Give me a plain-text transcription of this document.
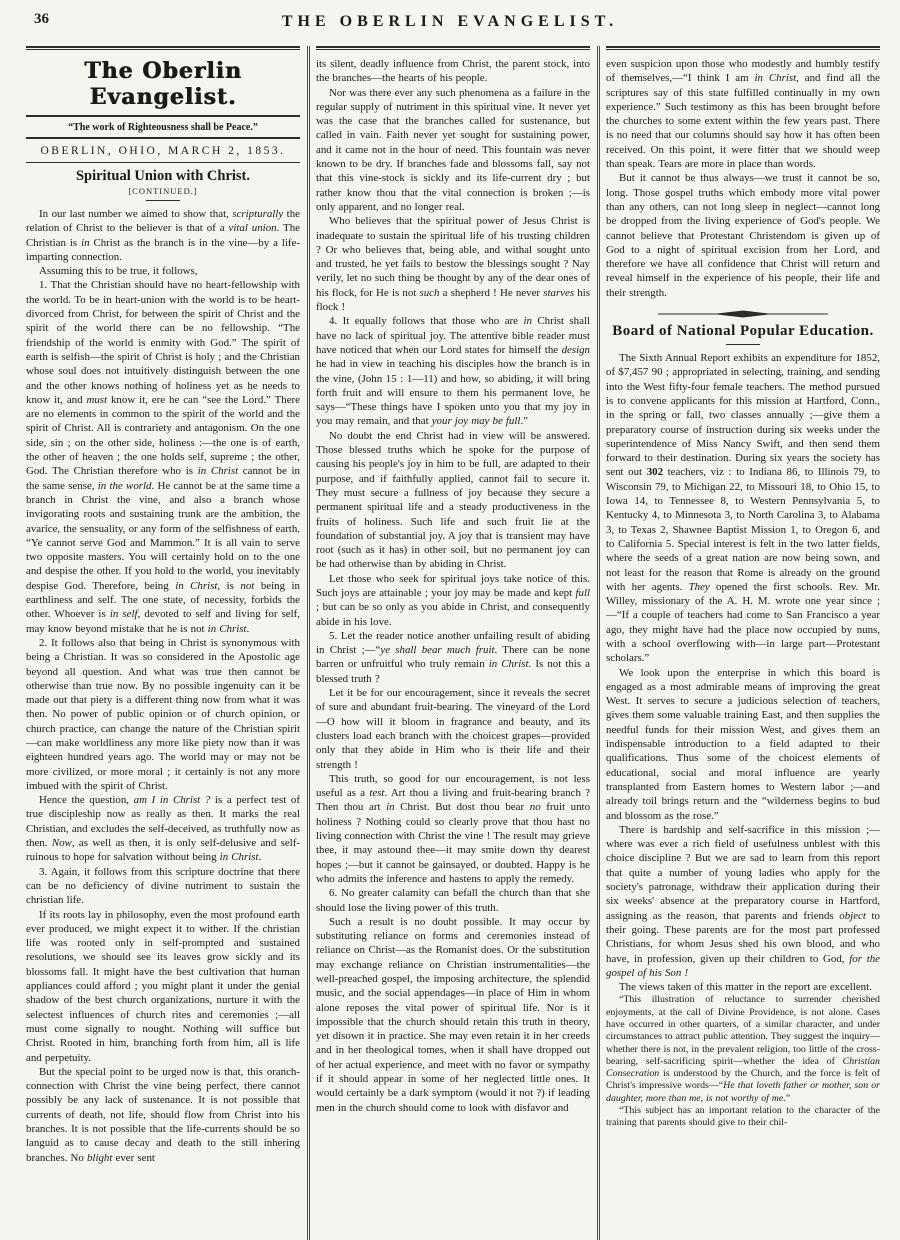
36	THE OBERLIN EVANGELIST.
The Oberlin Evangelist.
“The work of Righteousness shall be Peace.”
OBERLIN, OHIO, MARCH 2, 1853.
Spiritual Union with Christ.
[CONTINUED.]

In our last number we aimed to show that, scripturally the relation of Christ to the believer is that of a vital union. The Christian is in Christ as the branch is in the vine—by a life-imparting connection.

Assuming this to be true, it follows,

1. That the Christian should have no heart-fellowship with the world. To be in heart-union with the world is to be heart-divorced from Christ, for between the spirit of Christ and the spirit of the world there can be no fellowship. “The friendship of the world is enmity with God.” The spirit of earth is selfish—the spirit of Christ is holy ; and the Christian whose soul does not intuitively distinguish between the one and the other knows nothing of holiness yet as he needs to know it, and must know it, ere he can “see the Lord.” There are no elements in common to the spirit of the world and the spirit of Christ. All is contrariety and antagonism. On the one side, sin ; on the other side, holiness :—the one is of earth, the other of heaven ; the one holds self, supreme ; the other, God. The Christian therefore who is in Christ cannot be in the same sense, in the world. He cannot be at the same time a branch in Christ the vine, and also a branch whose invigorating roots and sustaining trunk are the ambition, the avarice, the sensuality, or any form of the selfishness of earth. “Ye cannot serve God and Mammon.” It is all vain to serve two opposite masters. You will certainly hold on to the one and despise the other. If you hold to the world, you inevitably despise God. Therefore, being in Christ, is not being in earthliness and self. The one state, of necessity, forbids the other. Whoever is in self, devoted to self and living for self, may know beyond mistake that he is not in Christ.

2. It follows also that being in Christ is synonymous with being a Christian. It was so considered in the Apostolic age beyond all question. And what was true then cannot be otherwise than true now. By no possible ingenuity can it be made out that piety is a different thing now from what it was then. No power of public opinion or of church opinion, or church practice, can change the nature of the Christian spirit—can make worldliness any more like piety now than it was eighteen hundred years ago. The world may or may not be more civilized, or more moral ; it certainly is not any more imbued with the spirit of Christ.

Hence the question, am I in Christ ? is a perfect test of true discipleship now as really as then. It marks the real Christian, and excludes the self-deceived, as truthfully now as then. Now, as well as then, it is only self-delusive and self-ruinous to hope for salvation without being in Christ.

3. Again, it follows from this scripture doctrine that there can be no deficiency of divine nutriment to sustain the christian life.

If its roots lay in philosophy, even the most profound earth ever produced, we might expect it to wither. If the christian life was rooted only in self-prompted and sustained resolutions, we should see its leaves grow sickly and its blossoms fall. It might have the best cultivation that human appliances could afford ; you might plant it under the genial shadow of the best church organizations, nurture it with the selectest influences of church rites and ceremonies ;—all must come signally to nought. Nothing will suffice but Christ. Rooted in him, branching forth from him, all is life and perpetuity.

But the special point to be urged now is that, this oranch-connection with Christ the vine being perfect, there cannot possibly be any lack of sustenance. It is not possible that currents of death, not life, should flow from Christ into his branches. It is not possible that the life-currents should be so languid as to cause decay and death to the still inhering branches. No blight ever sent

its silent, deadly influence from Christ, the parent stock, into the branches—the hearts of his people.

Nor was there ever any such phenomena as a failure in the regular supply of nutriment in this spiritual vine. It never yet was the case that the branches called for sustenance, but called in vain. Faith never yet sought for sustaining power, and it came not in the hour of need. This fountain was never known to be dry. If branches fade and blossoms fall, say not that this vine-stock is sickly and its life-current dry ; but rather know thou that the vital connection is broken ;—is only apparent, and no longer real.

Who believes that the spiritual power of Jesus Christ is inadequate to sustain the spiritual life of his trusting children ? Or who believes that, being able, and withal sought unto and trusted, he yet fails to bestow the blessings sought ? Nay verily, let no such thing be thought by any of the dear ones of his flock, for He is not such a shepherd ! He never starves his flock !

4. It equally follows that those who are in Christ shall have no lack of spiritual joy. The attentive bible reader must have noticed that when our Lord states for himself the design he had in view in teaching his disciples how the branch is in the vine, (John 15 : 1—11) and how, so abiding, it will bring forth fruit and will ensure to them his permanent love, he says—“These things have I spoken unto you that my joy in you may remain, and that your joy may be full.”

No doubt the end Christ had in view will be answered. Those blessed truths which he spoke for the purpose of causing his people's joy in him to be full, are adapted to their purpose, and if faithfully applied, cannot fail to secure it. They must secure a fullness of joy because they secure a permanent spiritual life and a steady productiveness in the fruits of holiness. Such life and such fruit lie at the foundation of substantial joy. A joy that is transient may have root (such as it has) in other soil, but no permanent joy can be had otherwise than by abiding in Christ.

Let those who seek for spiritual joys take notice of this. Such joys are attainable ; your joy may be made and kept full ; but can be so only as you abide in Christ, and consequently abide in his love.

5. Let the reader notice another unfailing result of abiding in Christ ;—“ye shall bear much fruit. There can be none barren or unfruitful who truly remain in Christ. Is not this a blessed truth ?

Let it be for our encouragement, since it reveals the secret of sure and abundant fruit-bearing. The vineyard of the Lord—O how will it bloom in fragrance and beauty, and its clusters load each branch with the choicest grapes—provided only that they abide in Him who is their life and their strength !

This truth, so good for our encouragement, is not less useful as a test. Art thou a living and fruit-bearing branch ? Then thou art in Christ. But dost thou bear no fruit unto holiness ? Nothing could so clearly prove that thou hast no living connection with Christ the vine ! The result may grieve thee, it may astound thee—it may smite down thy dearest hopes ;—but it cannot be gainsayed, or doubted. Happy is he who admits the inference and hastens to apply the remedy.

6. No greater calamity can befall the church than that she should lose the living power of this truth.

Such a result is no doubt possible. It may occur by substituting reliance on forms and ceremonies instead of reliance on Christ—as the Romanist does. Or the substitution may exchange reliance on Christian instrumentalities—the well-preached gospel, the imposing architecture, the splendid music, and the social appendages—in place of Him in whom alone reposes the vital power of spiritual life. Nor is it impossible that the church should retain this truth in theory, yet disown it in practice. She may even retain it in her creeds and in her theological tomes, when it shall have dropped out of her actual experience, and meet with no favor or sympathy if it should appear in some of her neglected little ones. It would certainly be a dark symptom (would it not ?) if leading men in the church should come to look with disfavor and

even suspicion upon those who modestly and humbly testify of themselves,—“I think I am in Christ, and find all the scriptures say of this state fulfilled continually in my own experience.” Such testimony as this has been brought before the churches to some extent within the few years past. There is no need that our columns should say how it has often been received. On this point, it were fitter that we should weep than speak. Tears are more in place than words.

But it cannot be thus always—we trust it cannot be so, long. Those gospel truths which embody more vital power than any others, can not long sleep in neglect—cannot long be dropped from the living experience of God's people. We cannot believe that Protestant Christendom is given up of God to a night of spiritual excision from her Lord, and therefore we have all confidence that Christ will return and reveal himself in the experience of his people, their life and their strength.

Board of National Popular Education.

The Sixth Annual Report exhibits an expenditure for 1852, of $7,457 90 ; appropriated in selecting, training, and sending into the West fifty-four female teachers. The method pursued is to convene applicants for this mission at Hartford, Conn., in the spring or fall, two classes annually ;—give them a preparatory course of instruction during six weeks under the superintendence of Miss Nancy Swift, and then send them forward to their destination. During six years the society has sent out 302 teachers, viz : to Indiana 86, to Illinois 79, to Wisconsin 79, to Michigan 22, to Missouri 18, to Ohio 15, to Iowa 14, to Tennessee 8, to Western Pennsylvania 5, to Kentucky 4, to Minnesota 3, to North Carolina 3, to Alabama 3, to Texas 2, Shawnee Baptist Mission 1, to Oregon 6, and to California 5. Special interest is felt in the two latter fields, where the seeds of a great nation are now being sown, and not least for the reason that Rome is already on the ground with her agents. They opened the first schools. Rev. Mr. Willey, missionary of the A. H. M. wrote one year since ;—“If a couple of teachers had come to San Francisco a year ago, they might have had the place now occupied by nuns, with a school overflowing with—in large part—Protestant scholars.”

We look upon the enterprise in which this board is engaged as a most admirable means of improving the great West. It serves to secure a judicious selection of teachers, gives them some valuable training East, and then supplies the needful funds for their mission West, and gives them an indispensable introduction to a field adapted to their qualifications. Thus some of the choicest elements of educational, social and moral influence are yearly transplanted from Eastern homes to Western labor ;—and already toil brings return and the “wilderness begins to bud and blossom as the rose.”

There is hardship and self-sacrifice in this mission ;—where was ever a rich field of usefulness unblest with this choice discipline ? But we are sad to learn from this report that quite a number of young ladies who apply for the society's patronage, withdraw their application during their six weeks' absence at the preparatory course in Hartford, assigning as the reason, that parents and friends object to their going. These parents are for the most part professed Christians, for whom Jesus shed his own blood, and who have, in profession, given up their children to God, for the gospel of his Son !

The views taken of this matter in the report are excellent.

“This illustration of reluctance to surrender cherished enjoyments, at the call of Divine Providence, is not alone. Cases have occurred in other quarters, of a similar character, and under circumstances to attract public attention. They suggest the inquiry—whether there is not, in the prevalent religion, too little of the cross-bearing, self-sacrificing spirit—whether the idea of Christian Consecration is understood by the Church, and the force is felt of Christ's impressive words—“He that loveth father or mother, son or daughter, more than me, is not worthy of me.”

“This subject has an important relation to the character of the training that parents should give to their chil-
